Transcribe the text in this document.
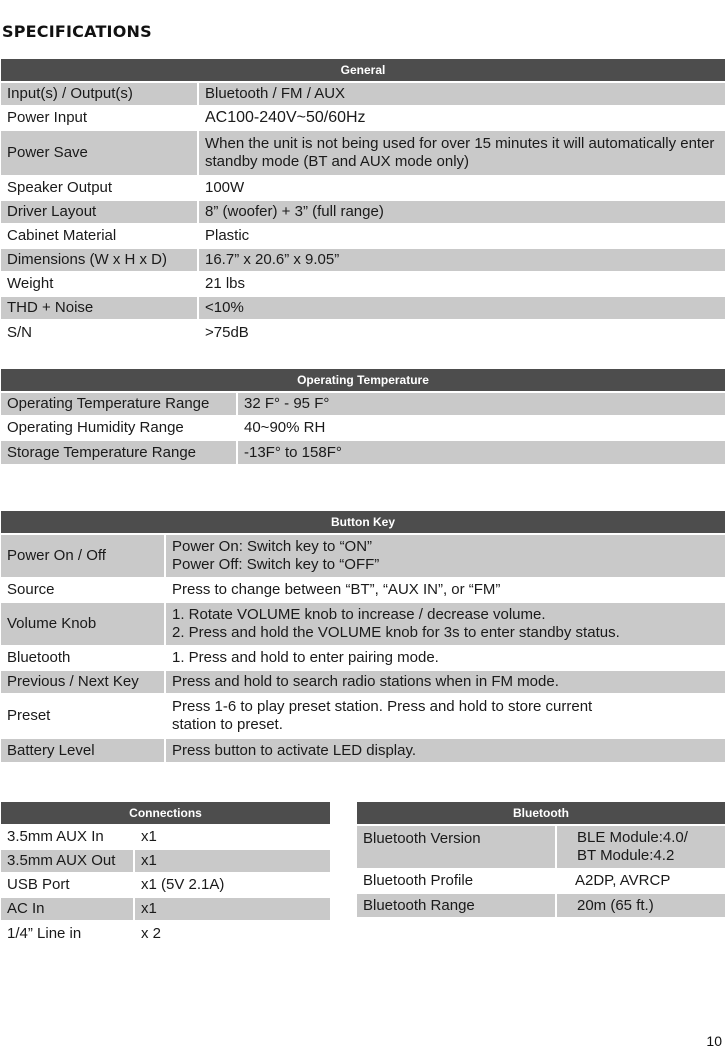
SPECIFICATIONS
General	
Input(s) / Output(s)	Bluetooth / FM / AUX
Power Input	AC100-240V~50/60Hz
Power Save	When the unit is not being used for over 15 minutes it will automatically enter standby mode (BT and AUX mode only)
Speaker Output	100W
Driver Layout	8” (woofer) + 3” (full range)
Cabinet Material	Plastic
Dimensions (W x H x D)	16.7” x 20.6” x 9.05”
Weight	21 lbs
THD + Noise	<10%
S/N	>75dB
Operating Temperature	
Operating Temperature Range	32 F° - 95 F°
Operating Humidity Range	40~90% RH
Storage Temperature Range	-13F° to 158F°
Button Key	
Power On / Off	Power On: Switch key to “ON”
Power Off: Switch key to “OFF”

Source	Press to change between “BT”, “AUX IN”, or “FM”
Volume Knob	1. Rotate VOLUME knob to increase / decrease volume.
2. Press and hold the VOLUME knob for 3s to enter standby status.

Bluetooth	1. Press and hold to enter pairing mode.
Previous / Next Key	Press and hold to search radio stations when in FM mode.
Preset	Press 1-6 to play preset station. Press and hold to store current
station to preset.

Battery Level	Press button to activate LED display.
Connections	
3.5mm AUX In	x1
3.5mm AUX Out	x1
USB Port	x1 (5V 2.1A)
AC In	x1
1/4” Line in	x 2
Bluetooth	
Bluetooth Version	BLE Module:4.0/
BT Module:4.2

Bluetooth Profile	A2DP, AVRCP
Bluetooth Range	20m (65 ft.)
10
